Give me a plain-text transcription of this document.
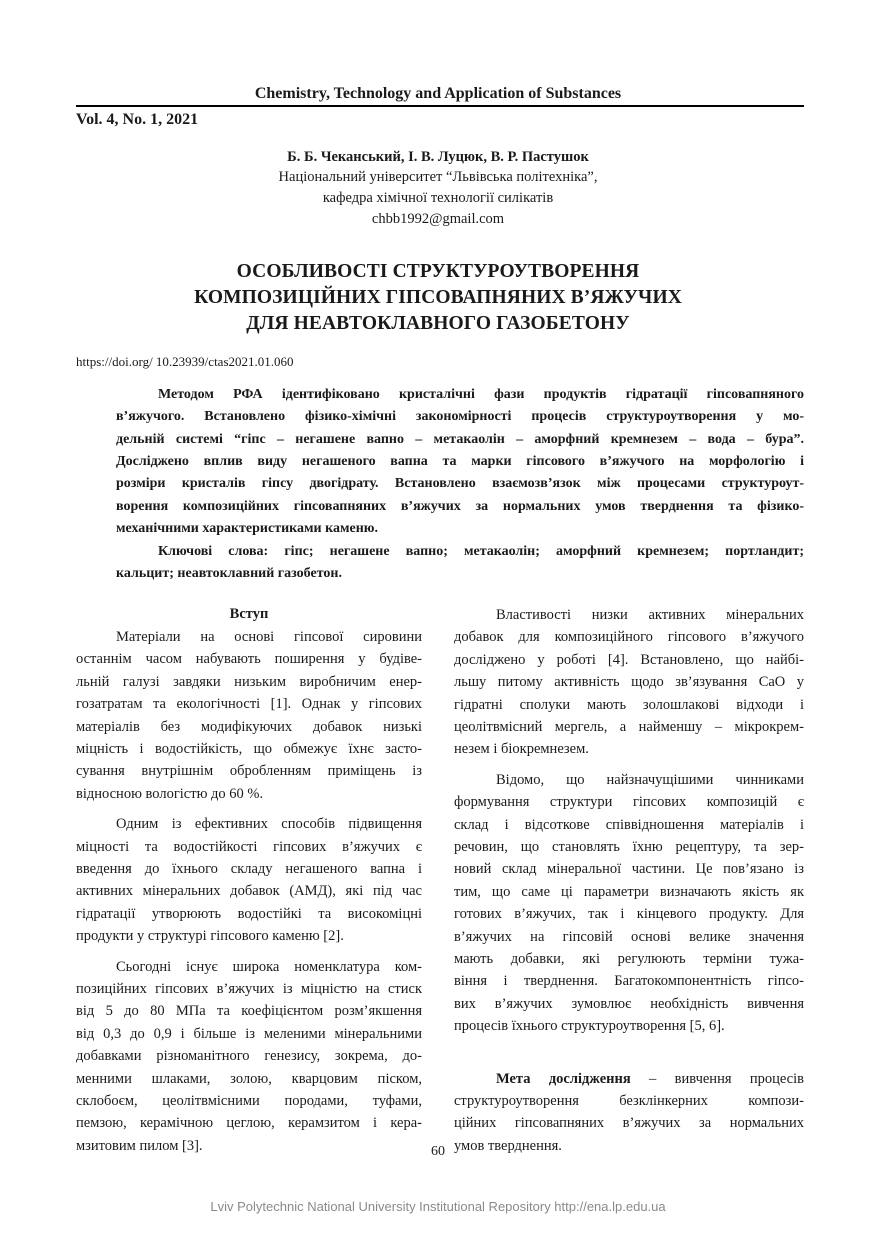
Chemistry, Technology and Application of Substances
Vol. 4, No. 1, 2021
Б. Б. Чеканський, І. В. Луцюк, В. Р. Пастушок
Національний університет “Львівська політехніка”,
кафедра хімічної технології силікатів
chbb1992@gmail.com
ОСОБЛИВОСТІ СТРУКТУРОУТВОРЕННЯ
КОМПОЗИЦІЙНИХ ГІПСОВАПНЯНИХ В’ЯЖУЧИХ
ДЛЯ НЕАВТОКЛАВНОГО ГАЗОБЕТОНУ
https://doi.org/ 10.23939/ctas2021.01.060
Методом РФА ідентифіковано кристалічні фази продуктів гідратації гіпсовапняного
в’яжучого. Встановлено фізико-хімічні закономірності процесів структуроутворення у мо-
дельній системі “гіпс – негашене вапно – метакаолін – аморфний кремнезем – вода – бура”.
Досліджено вплив виду негашеного вапна та марки гіпсового в’яжучого на морфологію і
розміри кристалів гіпсу двогідрату. Встановлено взаємозв’язок між процесами структуроут-
ворення композиційних гіпсовапняних в’яжучих за нормальних умов тверднення та фізико-
механічними характеристиками каменю.
Ключові слова: гіпс; негашене вапно; метакаолін; аморфний кремнезем; портландит;
кальцит; неавтоклавний газобетон.
Вступ
Матеріали на основі гіпсової сировини
останнім часом набувають поширення у будіве-
льній галузі завдяки низьким виробничим енер-
гозатратам та екологічності [1]. Однак у гіпсових
матеріалів без модифікуючих добавок низькі
міцність і водостійкість, що обмежує їхнє засто-
сування внутрішнім обробленням приміщень із
відносною вологістю до 60 %.
Одним із ефективних способів підвищення
міцності та водостійкості гіпсових в’яжучих є
введення до їхнього складу негашеного вапна і
активних мінеральних добавок (АМД), які під час
гідратації утворюють водостійкі та високоміцні
продукти у структурі гіпсового каменю [2].
Сьогодні існує широка номенклатура ком-
позиційних гіпсових в’яжучих із міцністю на стиск
від 5 до 80 МПа та коефіцієнтом розм’якшення
від 0,3 до 0,9 і більше із меленими мінеральними
добавками різноманітного генезису, зокрема, до-
менними шлаками, золою, кварцовим піском,
склобоєм, цеолітвмісними породами, туфами,
пемзою, керамічною цеглою, керамзитом і кера-
мзитовим пилом [3].
Властивості низки активних мінеральних
добавок для композиційного гіпсового в’яжучого
досліджено у роботі [4]. Встановлено, що найбі-
льшу питому активність щодо зв’язування CaO у
гідратні сполуки мають золошлакові відходи і
цеолітвмісний мергель, а найменшу – мікрокрем-
незем і біокремнезем.
Відомо, що найзначущішими чинниками
формування структури гіпсових композицій є
склад і відсоткове співвідношення матеріалів і
речовин, що становлять їхню рецептуру, та зер-
новий склад мінеральної частини. Це пов’язано із
тим, що саме ці параметри визначають якість як
готових в’яжучих, так і кінцевого продукту. Для
в’яжучих на гіпсовій основі велике значення
мають добавки, які регулюють терміни тужа-
віння і тверднення. Багатокомпонентність гіпсо-
вих в’яжучих зумовлює необхідність вивчення
процесів їхнього структуроутворення [5, 6].
Мета дослідження – вивчення процесів
структуроутворення безклінкерних компози-
ційних гіпсовапняних в’яжучих за нормальних
умов тверднення.
60
Lviv Polytechnic National University Institutional Repository http://ena.lp.edu.ua
